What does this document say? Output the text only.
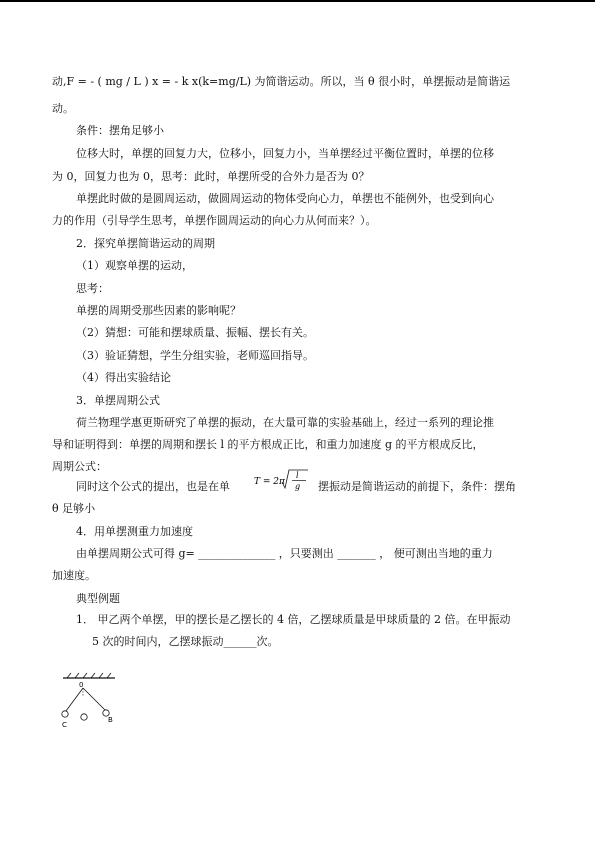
动,F = - ( mg / L ) x = - k x(k=mg/L) 为简谐运动。所以，当 θ 很小时，单摆振动是简谐运
动。
条件：摆角足够小
位移大时，单摆的回复力大，位移小，回复力小，当单摆经过平衡位置时，单摆的位移
为 0，回复力也为 0，思考：此时，单摆所受的合外力是否为 0？
单摆此时做的是圆周运动，做圆周运动的物体受向心力，单摆也不能例外，也受到向心
力的作用（引导学生思考，单摆作圆周运动的向心力从何而来？）。
2．探究单摆简谐运动的周期
（1）观察单摆的运动，
思考：
单摆的周期受那些因素的影响呢？
（2）猜想：可能和摆球质量、振幅、摆长有关。
（3）验证猜想，学生分组实验，老师巡回指导。
（4）得出实验结论
3．单摆周期公式
荷兰物理学惠更斯研究了单摆的振动，在大量可靠的实验基础上，经过一系列的理论推
导和证明得到：单摆的周期和摆长 l 的平方根成正比，和重力加速度 g 的平方根成反比，
周期公式：
同时这个公式的提出，也是在单	摆振动是简谐运动的前提下，条件：摆角
θ 足够小
4．用单摆测重力加速度
由单摆周期公式可得 g= ______________ ，只要测出 _______ ， 便可测出当地的重力
加速度。
典型例题
1． 甲乙两个单摆，甲的摆长是乙摆长的 4 倍，乙摆球质量是甲球质量的 2 倍。在甲振动
5 次的时间内，乙摆球振动______次。
T = 2π
l
g
0
C
B
